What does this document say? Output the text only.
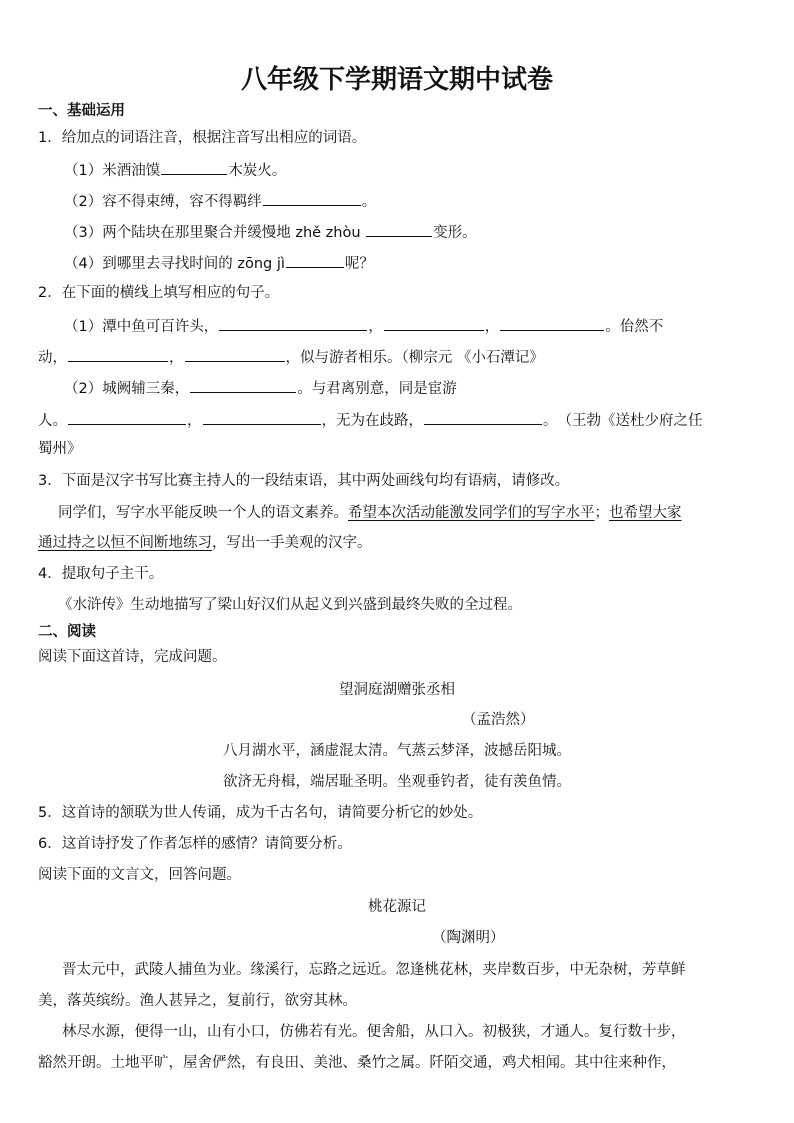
八年级下学期语文期中试卷
一、基础运用
1．给加点的词语注音，根据注音写出相应的词语。
（1）米酒油馍	木炭火。
（2）容不得束缚，容不得羁绊	。
（3）两个陆块在那里聚合并缓慢地 zhě zhòu	变形。
（4）到哪里去寻找时间的 zōng jì	呢？
2．在下面的横线上填写相应的句子。
（1）潭中鱼可百许头，	，	，	。佁然不
动，	，	，似与游者相乐。（柳宗元 《小石潭记》
（2）城阙辅三秦，	。与君离别意，同是宦游
人。	，	，无为在歧路，	。　（王勃《送杜少府之任
蜀州》
3．下面是汉字书写比赛主持人的一段结束语，其中两处画线句均有语病，请修改。
同学们，写字水平能反映一个人的语文素养。希望本次活动能激发同学们的写字水平；也希望大家
通过持之以恒不间断地练习，写出一手美观的汉字。
4．提取句子主干。
《水浒传》生动地描写了梁山好汉们从起义到兴盛到最终失败的全过程。
二、阅读
阅读下面这首诗，完成问题。
望洞庭湖赠张丞相
（孟浩然）
八月湖水平，涵虚混太清。气蒸云梦泽，波撼岳阳城。
欲济无舟楫，端居耻圣明。坐观垂钓者，徒有羡鱼情。
5．这首诗的颔联为世人传诵，成为千古名句，请简要分析它的妙处。
6．这首诗抒发了作者怎样的感情？请简要分析。
阅读下面的文言文，回答问题。
桃花源记
（陶渊明）
晋太元中，武陵人捕鱼为业。缘溪行，忘路之远近。忽逢桃花林，夹岸数百步，中无杂树，芳草鲜
美，落英缤纷。渔人甚异之，复前行，欲穷其林。
林尽水源，便得一山，山有小口，仿佛若有光。便舍船，从口入。初极狭，才通人。复行数十步，
豁然开朗。土地平旷，屋舍俨然，有良田、美池、桑竹之属。阡陌交通，鸡犬相闻。其中往来种作，
